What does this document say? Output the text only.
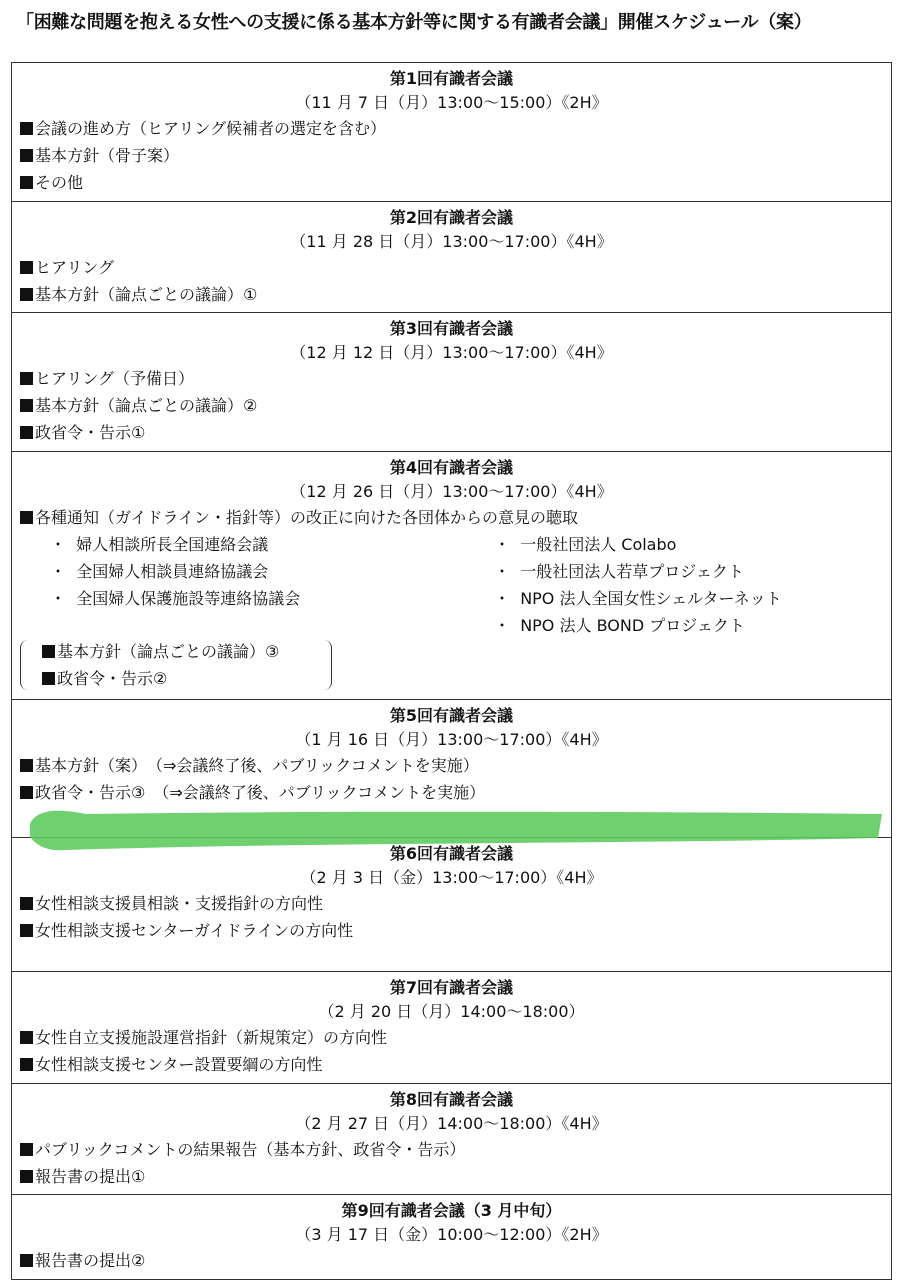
「困難な問題を抱える女性への支援に係る基本方針等に関する有識者会議」開催スケジュール（案）
第1回有識者会議
（11 月 7 日（月）13:00～15:00）《2H》
会議の進め方（ヒアリング候補者の選定を含む）
基本方針（骨子案）
その他
第2回有識者会議
（11 月 28 日（月）13:00～17:00）《4H》
ヒアリング
基本方針（論点ごとの議論）①
第3回有識者会議
（12 月 12 日（月）13:00～17:00）《4H》
ヒアリング（予備日）
基本方針（論点ごとの議論）②
政省令・告示①
第4回有識者会議
（12 月 26 日（月）13:00～17:00）《4H》
各種通知（ガイドライン・指針等）の改正に向けた各団体からの意見の聴取
・ 婦人相談所長全国連絡会議
・ 全国婦人相談員連絡協議会
・ 全国婦人保護施設等連絡協議会
・ 一般社団法人 Colabo
・ 一般社団法人若草プロジェクト
・ NPO 法人全国女性シェルターネット
・ NPO 法人 BOND プロジェクト
基本方針（論点ごとの議論）③
政省令・告示②
第5回有識者会議
（1 月 16 日（月）13:00～17:00）《4H》
基本方針（案）　（⇒会議終了後、パブリックコメントを実施）
政省令・告示③　（⇒会議終了後、パブリックコメントを実施）
第6回有識者会議
（2 月 3 日（金）13:00～17:00）《4H》
女性相談支援員相談・支援指針の方向性
女性相談支援センターガイドラインの方向性
第7回有識者会議
（2 月 20 日（月）14:00～18:00）
女性自立支援施設運営指針（新規策定）の方向性
女性相談支援センター設置要綱の方向性
第8回有識者会議
（2 月 27 日（月）14:00～18:00）《4H》
パブリックコメントの結果報告（基本方針、政省令・告示）
報告書の提出①
第9回有識者会議（3 月中旬）
（3 月 17 日（金）10:00～12:00）《2H》
報告書の提出②
